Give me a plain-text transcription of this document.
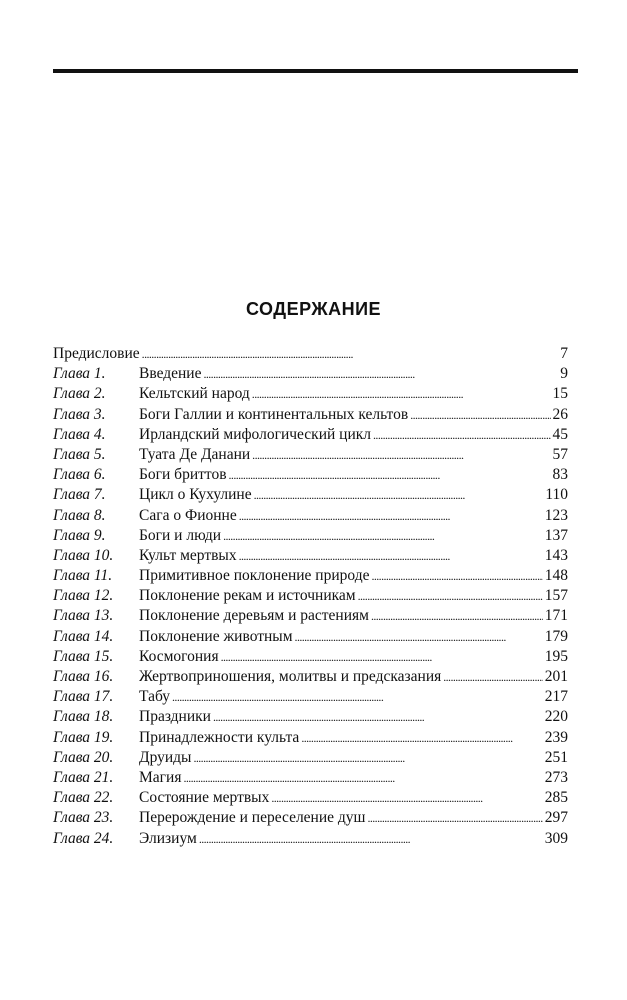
СОДЕРЖАНИЕ
Предисловие . . .	7
Глава 1.	Введение . . .	9
Глава 2.	Кельтский народ . . .	15
Глава 3.	Боги Галлии и континентальных кельтов . . .	26
Глава 4.	Ирландский мифологический цикл . . .	45
Глава 5.	Туата Де Данани . . .	57
Глава 6.	Боги бриттов . . .	83
Глава 7.	Цикл о Кухулине . . .	110
Глава 8.	Сага о Фионне . . .	123
Глава 9.	Боги и люди . . .	137
Глава 10.	Культ мертвых . . .	143
Глава 11.	Примитивное поклонение природе . . .	148
Глава 12.	Поклонение рекам и источникам . . .	157
Глава 13.	Поклонение деревьям и растениям . . .	171
Глава 14.	Поклонение животным . . .	179
Глава 15.	Космогония . . .	195
Глава 16.	Жертвоприношения, молитвы и предсказания . . .	201
Глава 17.	Табу . . .	217
Глава 18.	Праздники . . .	220
Глава 19.	Принадлежности культа . . .	239
Глава 20.	Друиды . . .	251
Глава 21.	Магия . . .	273
Глава 22.	Состояние мертвых . . .	285
Глава 23.	Перерождение и переселение душ . . .	297
Глава 24.	Элизиум . . .	309
